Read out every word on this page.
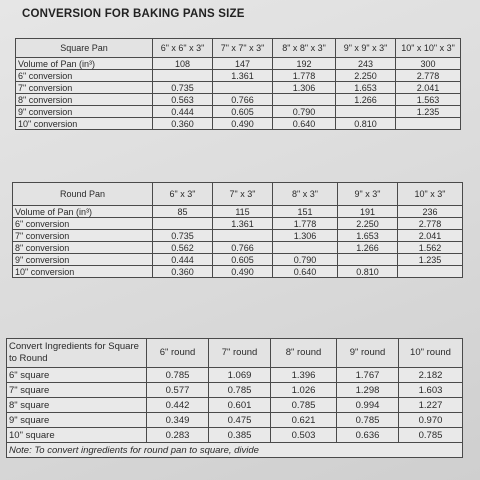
CONVERSION FOR BAKING PANS SIZE
Square Pan	6" x 6" x 3"	7" x 7" x 3"	8" x 8" x 3"	9" x 9" x 3"	10" x 10" x 3"
Volume of Pan (in³)	108	147	192	243	300
6" conversion		1.361	1.778	2.250	2.778
7" conversion	0.735		1.306	1.653	2.041
8" conversion	0.563	0.766		1.266	1.563
9" conversion	0.444	0.605	0.790		1.235
10" conversion	0.360	0.490	0.640	0.810	
Round Pan	6" x 3"	7" x 3"	8" x 3"	9" x 3"	10" x 3"
Volume of Pan (in³)	85	115	151	191	236
6" conversion		1.361	1.778	2.250	2.778
7" conversion	0.735		1.306	1.653	2.041
8" conversion	0.562	0.766		1.266	1.562
9" conversion	0.444	0.605	0.790		1.235
10" conversion	0.360	0.490	0.640	0.810	
Convert Ingredients for Square to Round	6" round	7" round	8" round	9" round	10" round
6" square	0.785	1.069	1.396	1.767	2.182
7" square	0.577	0.785	1.026	1.298	1.603
8" square	0.442	0.601	0.785	0.994	1.227
9" square	0.349	0.475	0.621	0.785	0.970
10" square	0.283	0.385	0.503	0.636	0.785
Note: To convert ingredients for round pan to square, divide					
